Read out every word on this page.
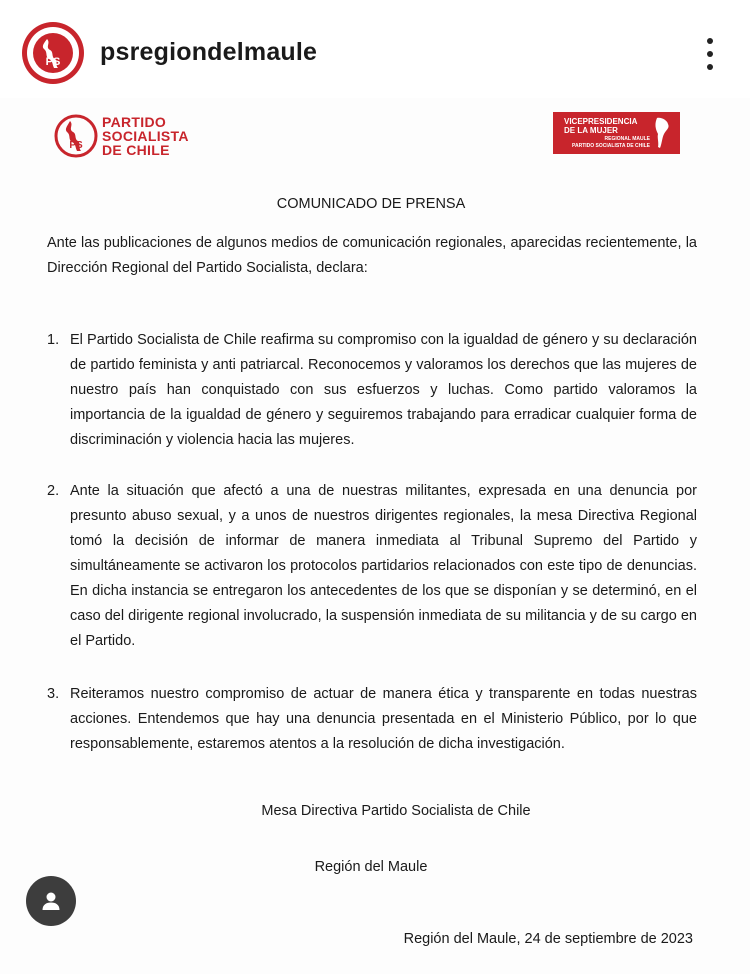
PS psregiondelmaule
PS
PARTIDO
SOCIALISTA
DE CHILE
VICEPRESIDENCIA
DE LA MUJER
REGIONAL MAULE
PARTIDO SOCIALISTA DE CHILE
COMUNICADO DE PRENSA
Ante las publicaciones de algunos medios de comunicación regionales, aparecidas recientemente, la Dirección Regional del Partido Socialista, declara:
1. El Partido Socialista de Chile reafirma su compromiso con la igualdad de género y su declaración de partido feminista y anti patriarcal. Reconocemos y valoramos los derechos que las mujeres de nuestro país han conquistado con sus esfuerzos y luchas. Como partido valoramos la importancia de la igualdad de género y seguiremos trabajando para erradicar cualquier forma de discriminación y violencia hacia las mujeres.
2. Ante la situación que afectó a una de nuestras militantes, expresada en una denuncia por presunto abuso sexual, y a unos de nuestros dirigentes regionales, la mesa Directiva Regional tomó la decisión de informar de manera inmediata al Tribunal Supremo del Partido y simultáneamente se activaron los protocolos partidarios relacionados con este tipo de denuncias. En dicha instancia se entregaron los antecedentes de los que se disponían y se determinó, en el caso del dirigente regional involucrado, la suspensión inmediata de su militancia y de su cargo en el Partido.
3. Reiteramos nuestro compromiso de actuar de manera ética y transparente en todas nuestras acciones. Entendemos que hay una denuncia presentada en el Ministerio Público, por lo que responsablemente, estaremos atentos a la resolución de dicha investigación.
Mesa Directiva Partido Socialista de Chile
Región del Maule
Región del Maule, 24 de septiembre de 2023
